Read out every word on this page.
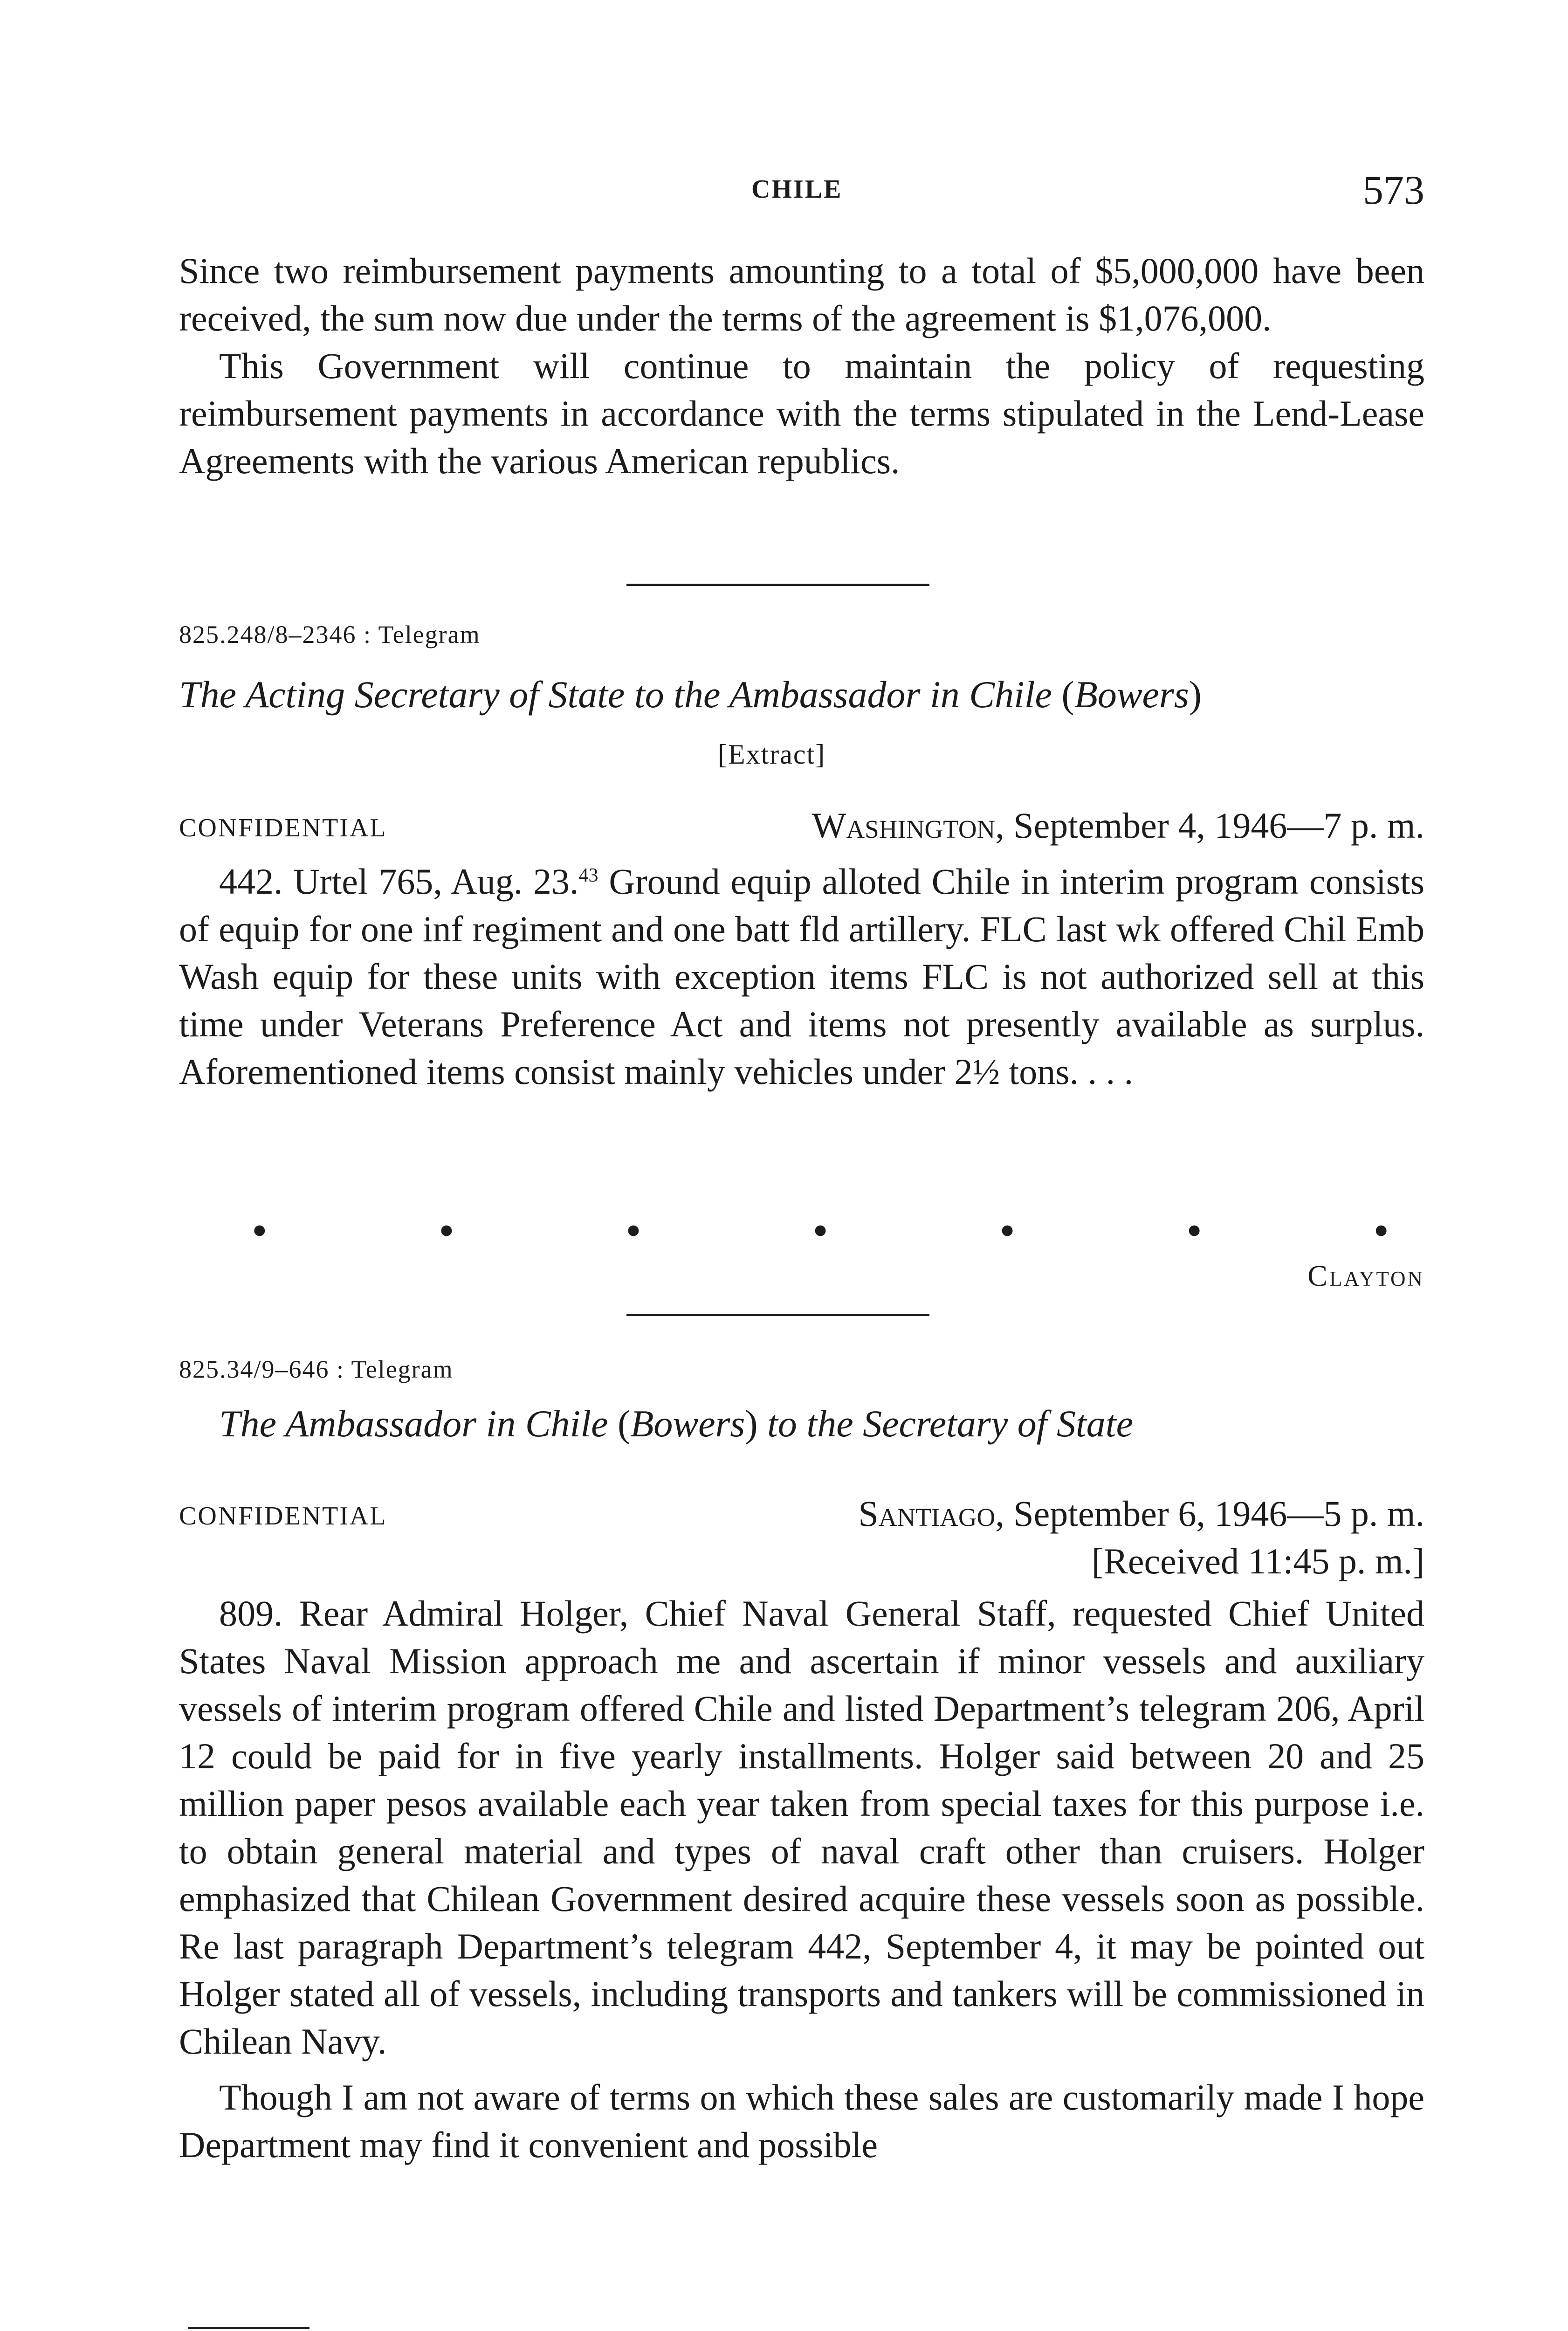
CHILE	573

Since two reimbursement payments amounting to a total of $5,000,000 have been received, the sum now due under the terms of the agreement is $1,076,000.

This Government will continue to maintain the policy of requesting reimbursement payments in accordance with the terms stipulated in the Lend-Lease Agreements with the various American republics.

825.248/8–2346 : Telegram
The Acting Secretary of State to the Ambassador in Chile (Bowers)
[Extract]
CONFIDENTIAL	Washington, September 4, 1946—7 p. m.

442. Urtel 765, Aug. 23.43 Ground equip alloted Chile in interim program consists of equip for one inf regiment and one batt fld artillery. FLC last wk offered Chil Emb Wash equip for these units with exception items FLC is not authorized sell at this time under Veterans Preference Act and items not presently available as surplus. Aforementioned items consist mainly vehicles under 2½ tons. . . .

•	•	•	•	•	•	•
Clayton
825.34/9–646 : Telegram
The Ambassador in Chile (Bowers) to the Secretary of State
CONFIDENTIAL	Santiago, September 6, 1946—5 p. m.
[Received 11:45 p. m.]

809. Rear Admiral Holger, Chief Naval General Staff, requested Chief United States Naval Mission approach me and ascertain if minor vessels and auxiliary vessels of interim program offered Chile and listed Department’s telegram 206, April 12 could be paid for in five yearly installments. Holger said between 20 and 25 million paper pesos available each year taken from special taxes for this purpose i.e. to obtain general material and types of naval craft other than cruisers. Holger emphasized that Chilean Government desired acquire these vessels soon as possible. Re last paragraph Department’s telegram 442, September 4, it may be pointed out Holger stated all of vessels, including transports and tankers will be commissioned in Chilean Navy.

Though I am not aware of terms on which these sales are customarily made I hope Department may find it convenient and possible
